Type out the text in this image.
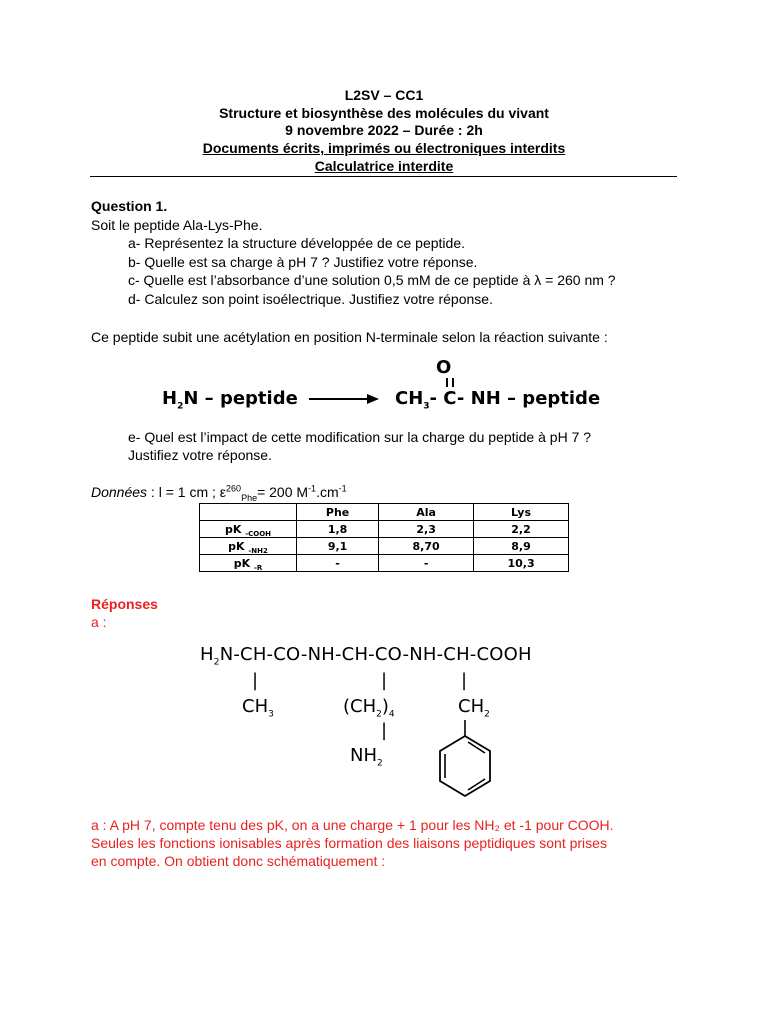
L2SV – CC1
Structure et biosynthèse des molécules du vivant
9 novembre 2022 – Durée : 2h
Documents écrits, imprimés ou électroniques interdits
Calculatrice interdite
Question 1.
Soit le peptide Ala-Lys-Phe.
a- Représentez la structure développée de ce peptide.
b- Quelle est sa charge à pH 7 ? Justifiez votre réponse.
c- Quelle est l’absorbance d’une solution 0,5 mM de ce peptide à λ = 260 nm ?
d- Calculez son point isoélectrique. Justifiez votre réponse.
Ce peptide subit une acétylation en position N-terminale selon la réaction suivante :
O
$H_2N$ – peptide	$CH_3-$ C- NH – peptide
e- Quel est l’impact de cette modification sur la charge du peptide à pH 7 ?
Justifiez votre réponse.
Données : l = 1 cm ; $\varepsilon^{260}_{Phe}= 200$ $M^{-1}.cm^{-1}$
	Phe	Ala	Lys
pK $_{-COOH}$	1,8	2,3	2,2
pK $_{-NH2}$	9,1	8,70	8,9
pK $_{-R}$	-	-	10,3
Réponses
a :
$H_2N-CH-CO-NH-CH-CO-NH-CH$-COOH
|	|	|
$CH_3$	$(CH_2)_4$	$CH_2$
|
$NH_2$
a : A pH 7, compte tenu des pK, on a une charge + 1 pour les NH₂ et -1 pour COOH.
Seules les fonctions ionisables après formation des liaisons peptidiques sont prises
en compte. On obtient donc schématiquement :
